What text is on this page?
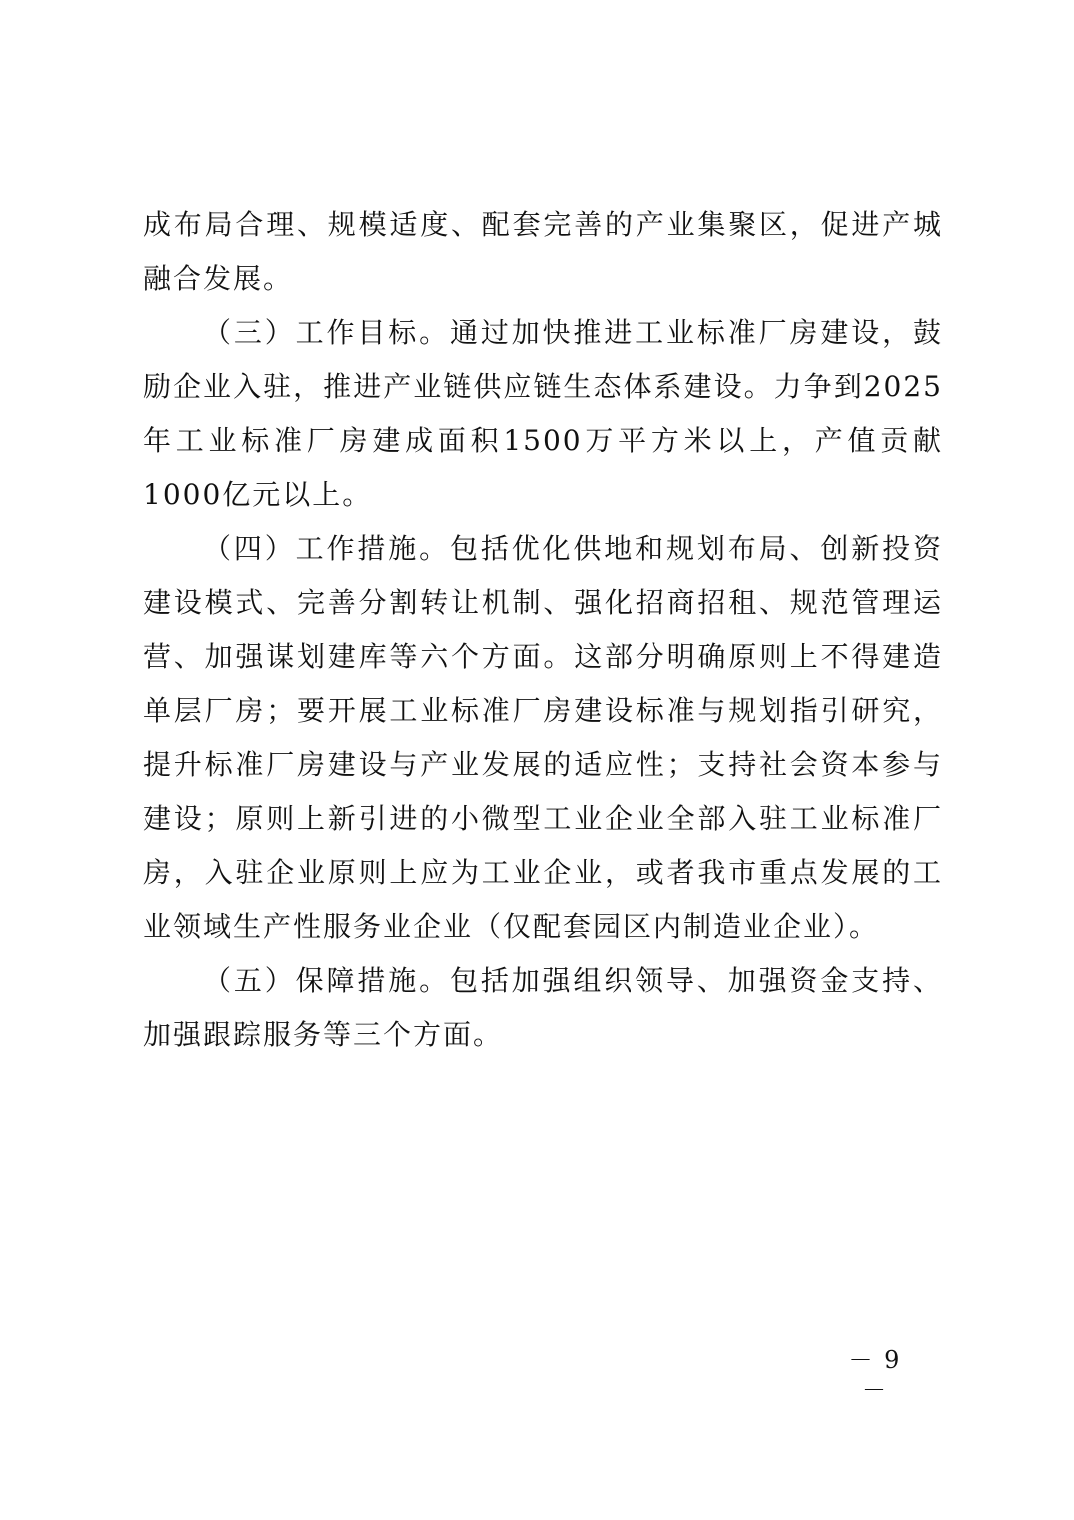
成布局合理、规模适度、配套完善的产业集聚区，促进产城融合发展。

（三）工作目标。通过加快推进工业标准厂房建设，鼓励企业入驻，推进产业链供应链生态体系建设。力争到2025年工业标准厂房建成面积1500万平方米以上，产值贡献1000亿元以上。

（四）工作措施。包括优化供地和规划布局、创新投资建设模式、完善分割转让机制、强化招商招租、规范管理运营、加强谋划建库等六个方面。这部分明确原则上不得建造单层厂房；要开展工业标准厂房建设标准与规划指引研究，提升标准厂房建设与产业发展的适应性；支持社会资本参与建设；原则上新引进的小微型工业企业全部入驻工业标准厂房，入驻企业原则上应为工业企业，或者我市重点发展的工业领域生产性服务业企业（仅配套园区内制造业企业）。

（五）保障措施。包括加强组织领导、加强资金支持、加强跟踪服务等三个方面。

－ 9 －
